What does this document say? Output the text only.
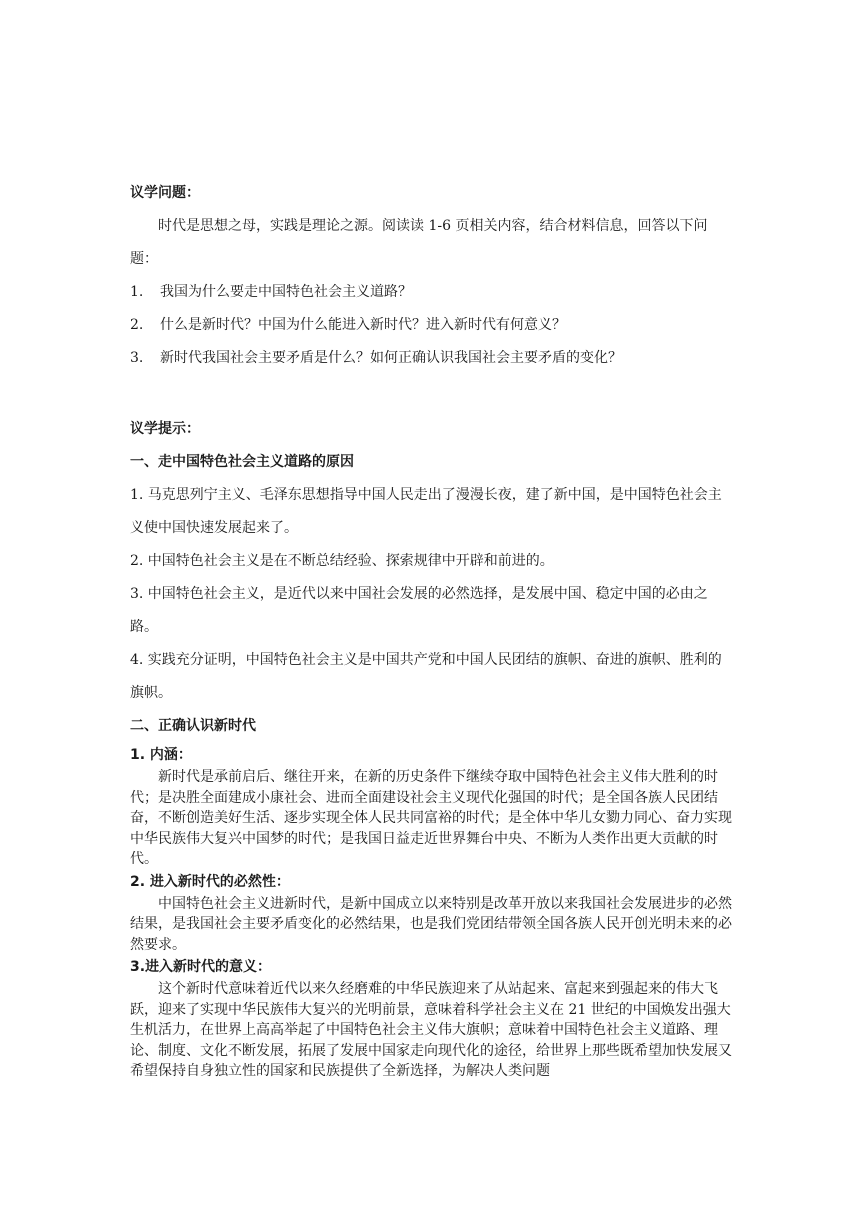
议学问题：

时代是思想之母，实践是理论之源。阅读读 1-6 页相关内容，结合材料信息，回答以下问题：

1.	我国为什么要走中国特色社会主义道路？
2.	什么是新时代？中国为什么能进入新时代？进入新时代有何意义？
3.	新时代我国社会主要矛盾是什么？如何正确认识我国社会主要矛盾的变化？

议学提示：

一、走中国特色社会主义道路的原因

1. 马克思列宁主义、毛泽东思想指导中国人民走出了漫漫长夜，建了新中国，是中国特色社会主义使中国快速发展起来了。

2. 中国特色社会主义是在不断总结经验、探索规律中开辟和前进的。

3. 中国特色社会主义，是近代以来中国社会发展的必然选择，是发展中国、稳定中国的必由之路。

4. 实践充分证明，中国特色社会主义是中国共产党和中国人民团结的旗帜、奋进的旗帜、胜利的旗帜。

二、正确认识新时代

1. 内涵：

新时代是承前启后、继往开来，在新的历史条件下继续夺取中国特色社会主义伟大胜利的时代；是决胜全面建成小康社会、进而全面建设社会主义现代化强国的时代；是全国各族人民团结奋，不断创造美好生活、逐步实现全体人民共同富裕的时代；是全体中华儿女勠力同心、奋力实现中华民族伟大复兴中国梦的时代；是我国日益走近世界舞台中央、不断为人类作出更大贡献的时代。

2. 进入新时代的必然性：

中国特色社会主义进新时代，是新中国成立以来特别是改革开放以来我国社会发展进步的必然结果，是我国社会主要矛盾变化的必然结果，也是我们党团结带领全国各族人民开创光明未来的必然要求。

3.进入新时代的意义：

这个新时代意味着近代以来久经磨难的中华民族迎来了从站起来、富起来到强起来的伟大飞跃，迎来了实现中华民族伟大复兴的光明前景，意味着科学社会主义在 21 世纪的中国焕发出强大生机活力，在世界上高高举起了中国特色社会主义伟大旗帜；意味着中国特色社会主义道路、理论、制度、文化不断发展，拓展了发展中国家走向现代化的途径，给世界上那些既希望加快发展又希望保持自身独立性的国家和民族提供了全新选择，为解决人类问题
